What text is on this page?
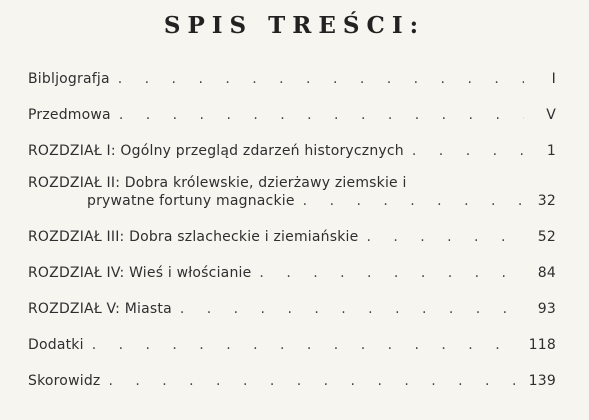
SPIS TREŚCI:
Bibljografja . . .	I
Przedmowa . . .	V
ROZDZIAŁ I: Ogólny przegląd zdarzeń historycznych . . .	1
ROZDZIAŁ II: Dobra królewskie, dzierżawy ziemskie i
prywatne fortuny magnackie . . .	32
ROZDZIAŁ III: Dobra szlacheckie i ziemiańskie . . .	52
ROZDZIAŁ IV: Wieś i włościanie . . .	84
ROZDZIAŁ V: Miasta . . .	93
Dodatki . . .	118
Skorowidz . . .	139
